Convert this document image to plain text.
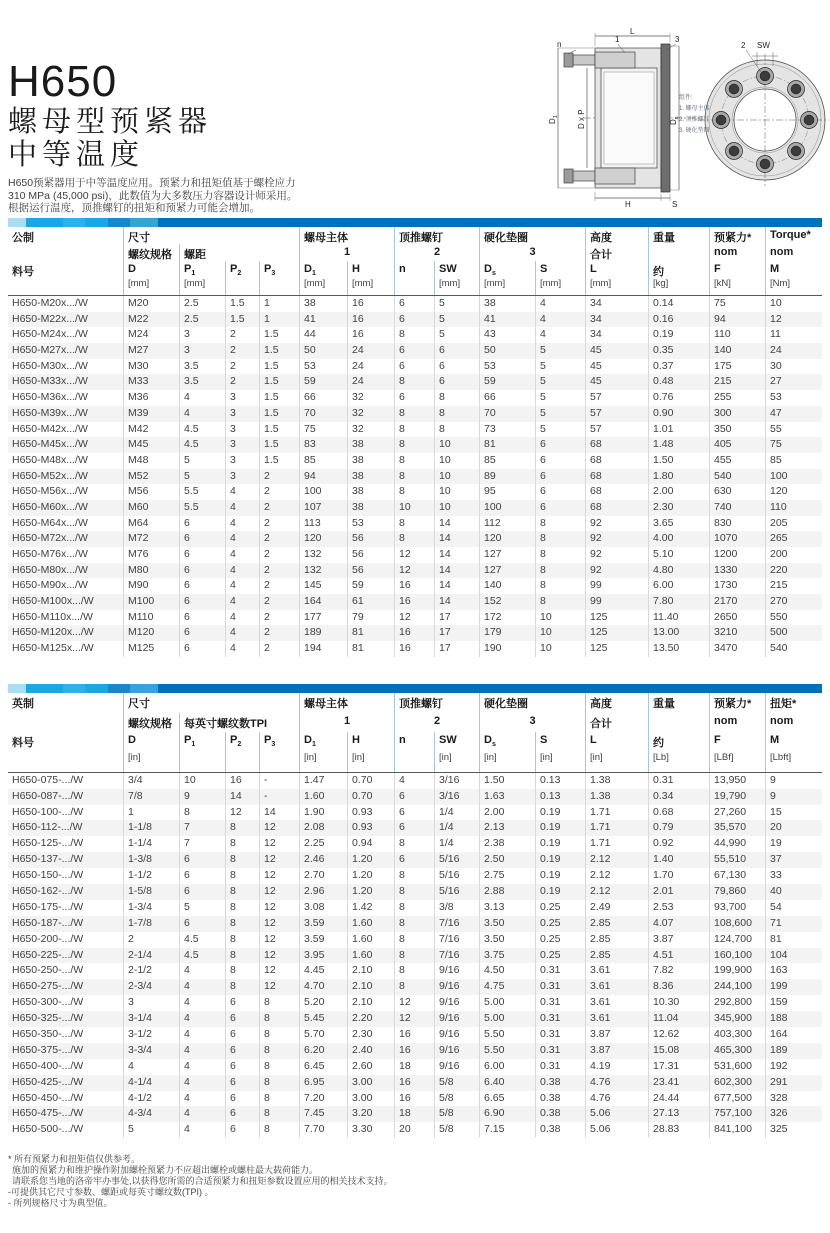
H650
螺母型预紧器
中等温度
H650预紧器用于中等温度应用。预紧力和扭矩值基于螺栓应力
310 MPa (45,000 psi)，此数值为大多数压力容器设计师采用。
根据运行温度，顶推螺钉的扭矩和预紧力可能会增加。
L
n
1	3
$D_1$ D x P	$D_s$
H	S
2 SW
组件:
1. 螺母主体
2. 顶推螺钉
3. 硬化垫圈
公制	尺寸	螺母主体	顶推螺钉	硬化垫圈	高度	重量	预紧力*	Torque*
螺纹规格	螺距	1	2	3	合计	nom	nom
料号	D	$P_1$	$P_2$	$P_3$	$D_1$	H	n	SW	$D_s$	S	L	约	F	M
[mm]	[mm]	[mm]	[mm]	[mm]	[mm]	[mm]	[mm]	[kg]	[kN]	[Nm]
H650-M20x.../W	M20	2.5	1.5	1	38	16	6	5	38	4	34	0.14	75	10
H650-M22x.../W	M22	2.5	1.5	1	41	16	6	5	41	4	34	0.16	94	12
H650-M24x.../W	M24	3	2	1.5	44	16	8	5	43	4	34	0.19	110	11
H650-M27x.../W	M27	3	2	1.5	50	24	6	6	50	5	45	0.35	140	24
H650-M30x.../W	M30	3.5	2	1.5	53	24	6	6	53	5	45	0.37	175	30
H650-M33x.../W	M33	3.5	2	1.5	59	24	8	6	59	5	45	0.48	215	27
H650-M36x.../W	M36	4	3	1.5	66	32	6	8	66	5	57	0.76	255	53
H650-M39x.../W	M39	4	3	1.5	70	32	8	8	70	5	57	0.90	300	47
H650-M42x.../W	M42	4.5	3	1.5	75	32	8	8	73	5	57	1.01	350	55
H650-M45x.../W	M45	4.5	3	1.5	83	38	8	10	81	6	68	1.48	405	75
H650-M48x.../W	M48	5	3	1.5	85	38	8	10	85	6	68	1.50	455	85
H650-M52x.../W	M52	5	3	2	94	38	8	10	89	6	68	1.80	540	100
H650-M56x.../W	M56	5.5	4	2	100	38	8	10	95	6	68	2.00	630	120
H650-M60x.../W	M60	5.5	4	2	107	38	10	10	100	6	68	2.30	740	110
H650-M64x.../W	M64	6	4	2	113	53	8	14	112	8	92	3.65	830	205
H650-M72x.../W	M72	6	4	2	120	56	8	14	120	8	92	4.00	1070	265
H650-M76x.../W	M76	6	4	2	132	56	12	14	127	8	92	5.10	1200	200
H650-M80x.../W	M80	6	4	2	132	56	12	14	127	8	92	4.80	1330	220
H650-M90x.../W	M90	6	4	2	145	59	16	14	140	8	99	6.00	1730	215
H650-M100x.../W	M100	6	4	2	164	61	16	14	152	8	99	7.80	2170	270
H650-M110x.../W	M110	6	4	2	177	79	12	17	172	10	125	11.40	2650	550
H650-M120x.../W	M120	6	4	2	189	81	16	17	179	10	125	13.00	3210	500
H650-M125x.../W	M125	6	4	2	194	81	16	17	190	10	125	13.50	3470	540
英制	尺寸	螺母主体	顶推螺钉	硬化垫圈	高度	重量	预紧力*	扭矩*
螺纹规格	每英寸螺纹数TPI	1	2	3	合计	nom	nom
料号	D	$P_1$	$P_2$	$P_3$	$D_1$	H	n	SW	$D_s$	S	L	约	F	M
[in]	[in]	[in]	[in]	[in]	[in]	[in]	[Lb]	[LBf]	[Lbft]
H650-075-.../W	3/4	10	16	-	1.47	0.70	4	3/16	1.50	0.13	1.38	0.31	13,950	9
H650-087-.../W	7/8	9	14	-	1.60	0.70	6	3/16	1.63	0.13	1.38	0.34	19,790	9
H650-100-.../W	1	8	12	14	1.90	0.93	6	1/4	2.00	0.19	1.71	0.68	27,260	15
H650-112-.../W	1-1/8	7	8	12	2.08	0.93	6	1/4	2.13	0.19	1.71	0.79	35,570	20
H650-125-.../W	1-1/4	7	8	12	2.25	0.94	8	1/4	2.38	0.19	1.71	0.92	44,990	19
H650-137-.../W	1-3/8	6	8	12	2.46	1.20	6	5/16	2.50	0.19	2.12	1.40	55,510	37
H650-150-.../W	1-1/2	6	8	12	2.70	1.20	8	5/16	2.75	0.19	2.12	1.70	67,130	33
H650-162-.../W	1-5/8	6	8	12	2.96	1.20	8	5/16	2.88	0.19	2.12	2.01	79,860	40
H650-175-.../W	1-3/4	5	8	12	3.08	1.42	8	3/8	3.13	0.25	2.49	2.53	93,700	54
H650-187-.../W	1-7/8	6	8	12	3.59	1.60	8	7/16	3.50	0.25	2.85	4.07	108,600	71
H650-200-.../W	2	4.5	8	12	3.59	1.60	8	7/16	3.50	0.25	2.85	3.87	124,700	81
H650-225-.../W	2-1/4	4.5	8	12	3.95	1.60	8	7/16	3.75	0.25	2.85	4.51	160,100	104
H650-250-.../W	2-1/2	4	8	12	4.45	2.10	8	9/16	4.50	0.31	3.61	7.82	199,900	163
H650-275-.../W	2-3/4	4	8	12	4.70	2.10	8	9/16	4.75	0.31	3.61	8.36	244,100	199
H650-300-.../W	3	4	6	8	5.20	2.10	12	9/16	5.00	0.31	3.61	10.30	292,800	159
H650-325-.../W	3-1/4	4	6	8	5.45	2.20	12	9/16	5.00	0.31	3.61	11.04	345,900	188
H650-350-.../W	3-1/2	4	6	8	5.70	2.30	16	9/16	5.50	0.31	3.87	12.62	403,300	164
H650-375-.../W	3-3/4	4	6	8	6.20	2.40	16	9/16	5.50	0.31	3.87	15.08	465,300	189
H650-400-.../W	4	4	6	8	6.45	2.60	18	9/16	6.00	0.31	4.19	17.31	531,600	192
H650-425-.../W	4-1/4	4	6	8	6.95	3.00	16	5/8	6.40	0.38	4.76	23.41	602,300	291
H650-450-.../W	4-1/2	4	6	8	7.20	3.00	16	5/8	6.65	0.38	4.76	24.44	677,500	328
H650-475-.../W	4-3/4	4	6	8	7.45	3.20	18	5/8	6.90	0.38	5.06	27.13	757,100	326
H650-500-.../W	5	4	6	8	7.70	3.30	20	5/8	7.15	0.38	5.06	28.83	841,100	325
* 所有预紧力和扭矩值仅供参考。
施加的预紧力和维护操作附加螺栓预紧力不应超出螺栓或螺柱最大载荷能力。
请联系您当地的洛帝牢办事处,以获得您所需的合适预紧力和扭矩参数设置应用的相关技术支持。
-可提供其它尺寸参数、螺距或每英寸螺纹数(TPI) 。
- 所列规格尺寸为典型值。
